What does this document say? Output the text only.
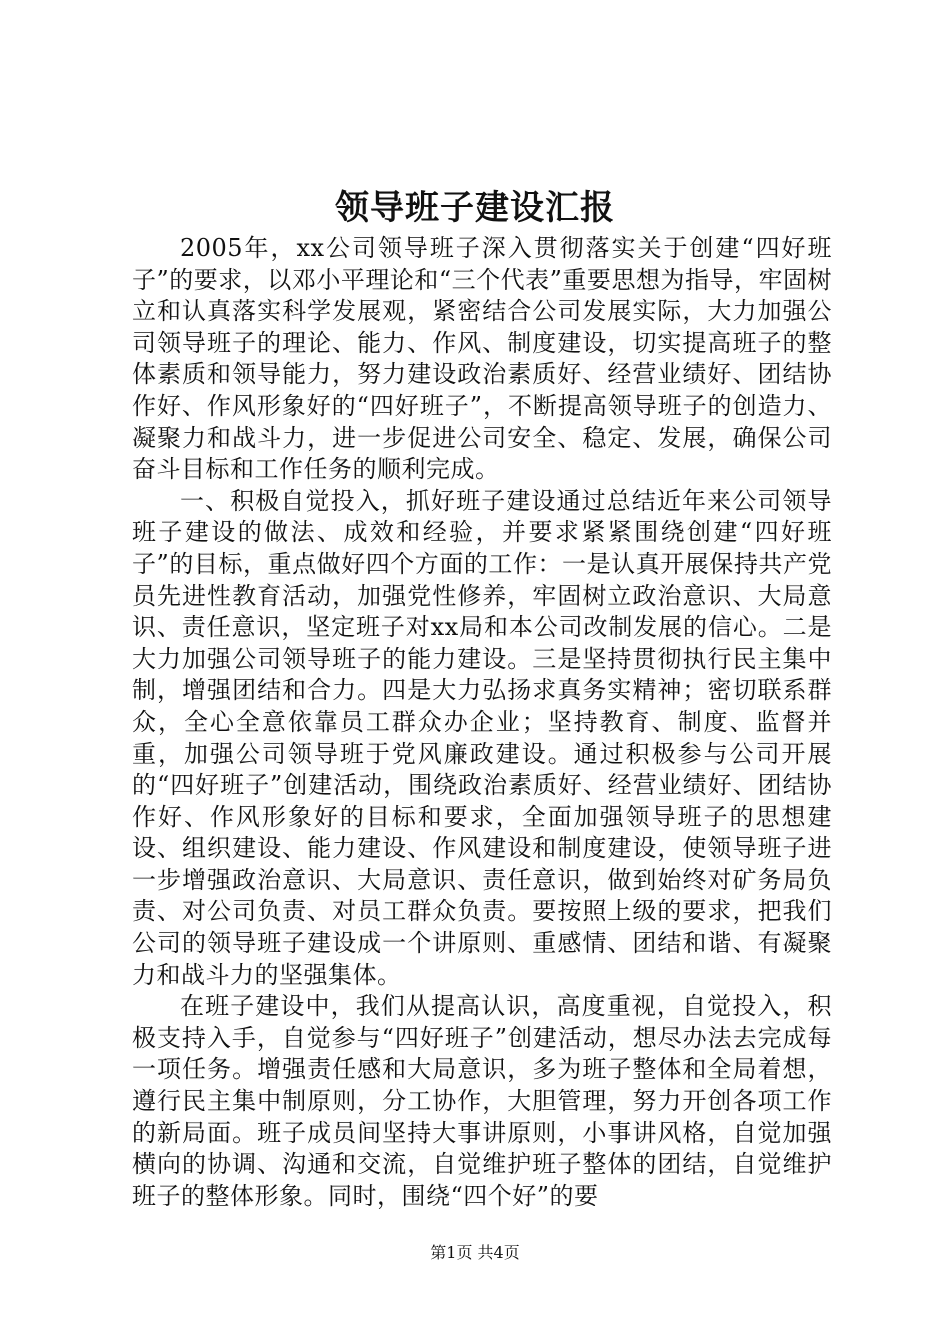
领导班子建设汇报

2005年，xx公司领导班子深入贯彻落实关于创建“四好班子”的要求，以邓小平理论和“三个代表”重要思想为指导，牢固树立和认真落实科学发展观，紧密结合公司发展实际，大力加强公司领导班子的理论、能力、作风、制度建设，切实提高班子的整体素质和领导能力，努力建设政治素质好、经营业绩好、团结协作好、作风形象好的“四好班子”，不断提高领导班子的创造力、凝聚力和战斗力，进一步促进公司安全、稳定、发展，确保公司奋斗目标和工作任务的顺利完成。

一、积极自觉投入，抓好班子建设通过总结近年来公司领导班子建设的做法、成效和经验，并要求紧紧围绕创建“四好班子”的目标，重点做好四个方面的工作：一是认真开展保持共产党员先进性教育活动，加强党性修养，牢固树立政治意识、大局意识、责任意识，坚定班子对xx局和本公司改制发展的信心。二是大力加强公司领导班子的能力建设。三是坚持贯彻执行民主集中制，增强团结和合力。四是大力弘扬求真务实精神；密切联系群众，全心全意依靠员工群众办企业；坚持教育、制度、监督并重，加强公司领导班于党风廉政建设。通过积极参与公司开展的“四好班子”创建活动，围绕政治素质好、经营业绩好、团结协作好、作风形象好的目标和要求，全面加强领导班子的思想建设、组织建设、能力建设、作风建设和制度建设，使领导班子进一步增强政治意识、大局意识、责任意识，做到始终对矿务局负责、对公司负责、对员工群众负责。要按照上级的要求，把我们公司的领导班子建设成一个讲原则、重感情、团结和谐、有凝聚力和战斗力的坚强集体。

在班子建设中，我们从提高认识，高度重视，自觉投入，积极支持入手，自觉参与“四好班子”创建活动，想尽办法去完成每一项任务。增强责任感和大局意识，多为班子整体和全局着想，遵行民主集中制原则，分工协作，大胆管理，努力开创各项工作的新局面。班子成员间坚持大事讲原则，小事讲风格，自觉加强横向的协调、沟通和交流，自觉维护班子整体的团结，自觉维护班子的整体形象。同时，围绕“四个好”的要

第1页 共4页
